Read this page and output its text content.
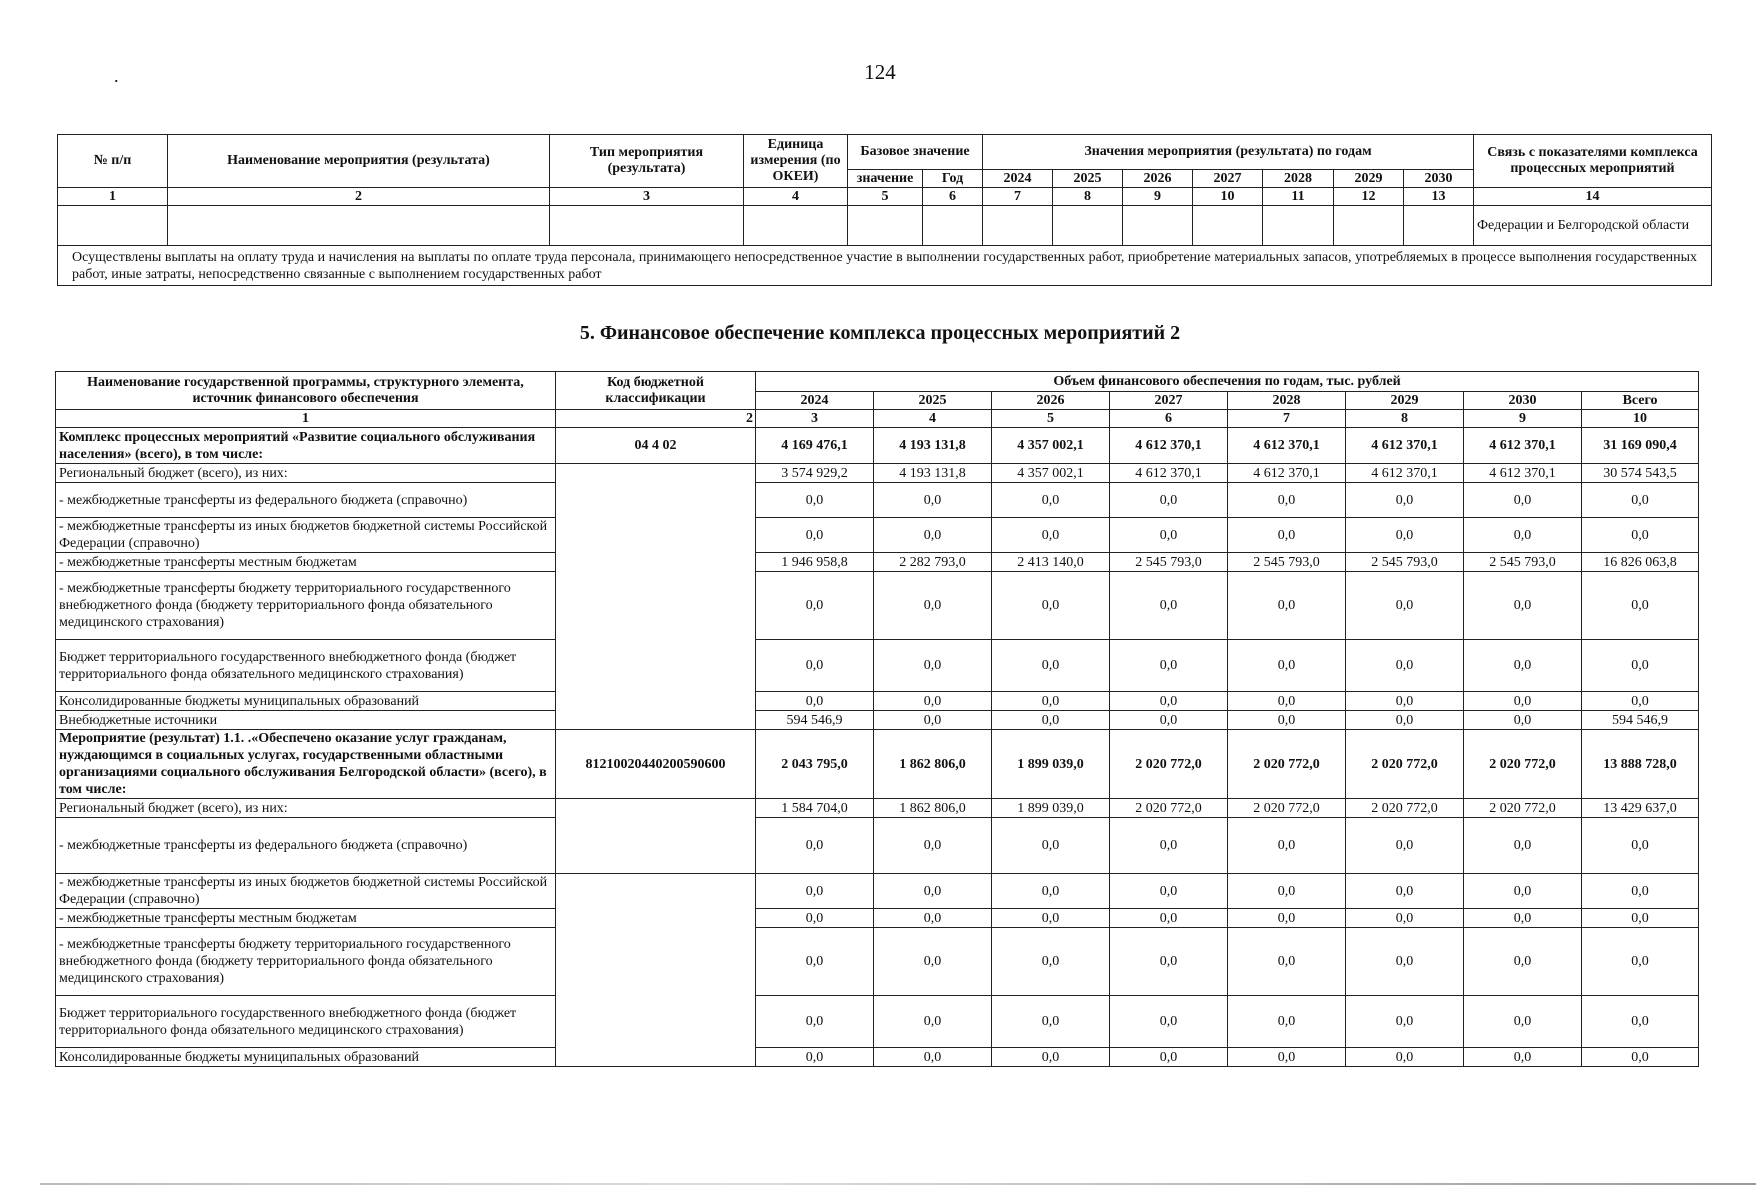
124
.
№ п/п	Наименование мероприятия (результата)	Тип мероприятия (результата)	Единица измерения (по ОКЕИ)	Базовое значение		Значения мероприятия (результата) по годам							Связь с показателями комплекса процессных мероприятий
				значение	Год	2024	2025	2026	2027	2028	2029	2030	
1	2	3	4	5	6	7	8	9	10	11	12	13	14
													Федерации и Белгородской области
Осуществлены выплаты на оплату труда и начисления на выплаты по оплате труда персонала, принимающего непосредственное участие в выполнении государственных работ, приобретение материальных запасов, употребляемых в процессе выполнения государственных работ, иные затраты, непосредственно связанные с выполнением государственных работ													
5. Финансовое обеспечение комплекса процессных мероприятий 2
Наименование государственной программы, структурного элемента, источник финансового обеспечения	Код бюджетной классификации	Объем финансового обеспечения по годам, тыс. рублей							
		2024	2025	2026	2027	2028	2029	2030	Всего
1	2	3	4	5	6	7	8	9	10
Комплекс процессных мероприятий «Развитие социального обслуживания населения» (всего), в том числе:	04 4 02	4 169 476,1	4 193 131,8	4 357 002,1	4 612 370,1	4 612 370,1	4 612 370,1	4 612 370,1	31 169 090,4
Региональный бюджет (всего), из них:		3 574 929,2	4 193 131,8	4 357 002,1	4 612 370,1	4 612 370,1	4 612 370,1	4 612 370,1	30 574 543,5
- межбюджетные трансферты из федерального бюджета (справочно)		0,0	0,0	0,0	0,0	0,0	0,0	0,0	0,0
- межбюджетные трансферты из иных бюджетов бюджетной системы Российской Федерации (справочно)		0,0	0,0	0,0	0,0	0,0	0,0	0,0	0,0
- межбюджетные трансферты местным бюджетам		1 946 958,8	2 282 793,0	2 413 140,0	2 545 793,0	2 545 793,0	2 545 793,0	2 545 793,0	16 826 063,8
- межбюджетные трансферты бюджету территориального государственного внебюджетного фонда (бюджету территориального фонда обязательного медицинского страхования)		0,0	0,0	0,0	0,0	0,0	0,0	0,0	0,0
Бюджет территориального государственного внебюджетного фонда (бюджет территориального фонда обязательного медицинского страхования)		0,0	0,0	0,0	0,0	0,0	0,0	0,0	0,0
Консолидированные бюджеты муниципальных образований		0,0	0,0	0,0	0,0	0,0	0,0	0,0	0,0
Внебюджетные источники		594 546,9	0,0	0,0	0,0	0,0	0,0	0,0	594 546,9
Мероприятие (результат) 1.1. .«Обеспечено оказание услуг гражданам, нуждающимся в социальных услугах, государственными областными организациями социального обслуживания Белгородской области» (всего), в том числе:	81210020440200590600	2 043 795,0	1 862 806,0	1 899 039,0	2 020 772,0	2 020 772,0	2 020 772,0	2 020 772,0	13 888 728,0
Региональный бюджет (всего), из них:		1 584 704,0	1 862 806,0	1 899 039,0	2 020 772,0	2 020 772,0	2 020 772,0	2 020 772,0	13 429 637,0
- межбюджетные трансферты из федерального бюджета (справочно)		0,0	0,0	0,0	0,0	0,0	0,0	0,0	0,0
- межбюджетные трансферты из иных бюджетов бюджетной системы Российской Федерации (справочно)		0,0	0,0	0,0	0,0	0,0	0,0	0,0	0,0
- межбюджетные трансферты местным бюджетам		0,0	0,0	0,0	0,0	0,0	0,0	0,0	0,0
- межбюджетные трансферты бюджету территориального государственного внебюджетного фонда (бюджету территориального фонда обязательного медицинского страхования)		0,0	0,0	0,0	0,0	0,0	0,0	0,0	0,0
Бюджет территориального государственного внебюджетного фонда (бюджет территориального фонда обязательного медицинского страхования)		0,0	0,0	0,0	0,0	0,0	0,0	0,0	0,0
Консолидированные бюджеты муниципальных образований		0,0	0,0	0,0	0,0	0,0	0,0	0,0	0,0
